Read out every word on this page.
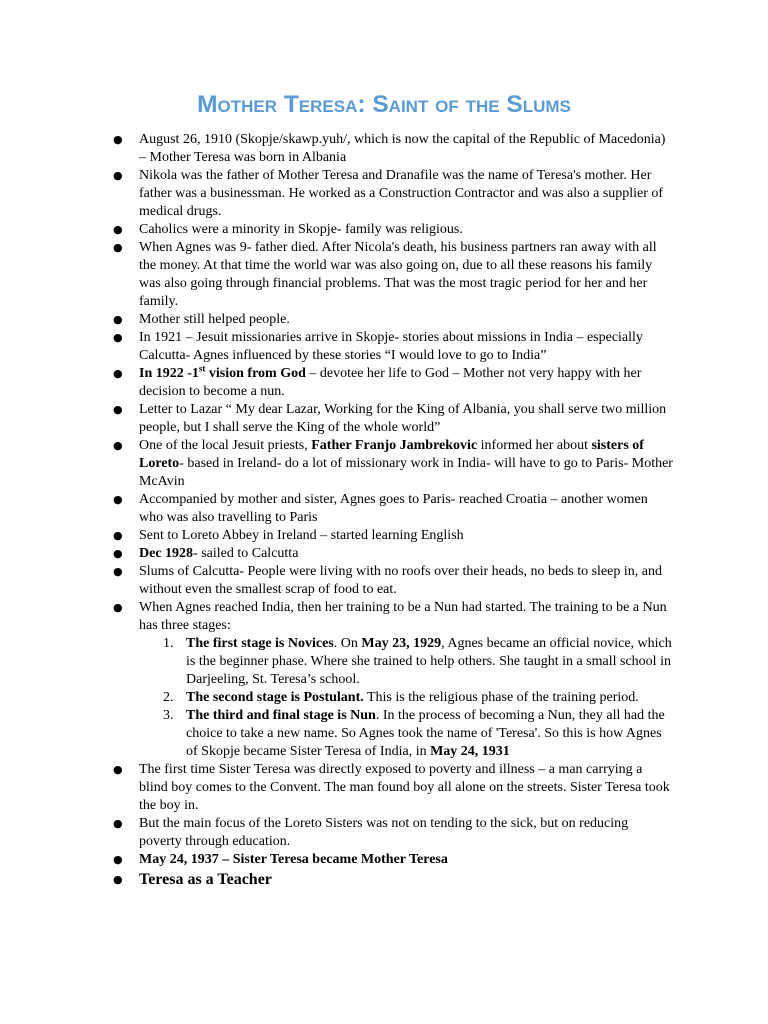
Mother Teresa: Saint of the Slums
● August 26, 1910 (Skopje/skawp.yuh/, which is now the capital of the Republic of Macedonia) – Mother Teresa was born in Albania
● Nikola was the father of Mother Teresa and Dranafile was the name of Teresa's mother. Her father was a businessman. He worked as a Construction Contractor and was also a supplier of medical drugs.
● Caholics were a minority in Skopje- family was religious.
● When Agnes was 9- father died. After Nicola's death, his business partners ran away with all the money. At that time the world war was also going on, due to all these reasons his family was also going through financial problems. That was the most tragic period for her and her family.
● Mother still helped people.
● In 1921 – Jesuit missionaries arrive in Skopje- stories about missions in India – especially Calcutta- Agnes influenced by these stories “I would love to go to India”
● In 1922 -1st vision from God – devotee her life to God – Mother not very happy with her decision to become a nun.
● Letter to Lazar “ My dear Lazar, Working for the King of Albania, you shall serve two million people, but I shall serve the King of the whole world”
● One of the local Jesuit priests, Father Franjo Jambrekovic informed her about sisters of Loreto- based in Ireland- do a lot of missionary work in India- will have to go to Paris- Mother McAvin
● Accompanied by mother and sister, Agnes goes to Paris- reached Croatia – another women who was also travelling to Paris
● Sent to Loreto Abbey in Ireland – started learning English
● Dec 1928- sailed to Calcutta
● Slums of Calcutta- People were living with no roofs over their heads, no beds to sleep in, and without even the smallest scrap of food to eat.
● When Agnes reached India, then her training to be a Nun had started. The training to be a Nun has three stages:
1. The first stage is Novices. On May 23, 1929, Agnes became an official novice, which is the beginner phase. Where she trained to help others. She taught in a small school in Darjeeling, St. Teresa’s school.
2. The second stage is Postulant. This is the religious phase of the training period.
3. The third and final stage is Nun. In the process of becoming a Nun, they all had the choice to take a new name. So Agnes took the name of 'Teresa'. So this is how Agnes of Skopje became Sister Teresa of India, in May 24, 1931
● The first time Sister Teresa was directly exposed to poverty and illness – a man carrying a blind boy comes to the Convent. The man found boy all alone on the streets. Sister Teresa took the boy in.
● But the main focus of the Loreto Sisters was not on tending to the sick, but on reducing poverty through education.
● May 24, 1937 – Sister Teresa became Mother Teresa
● Teresa as a Teacher
